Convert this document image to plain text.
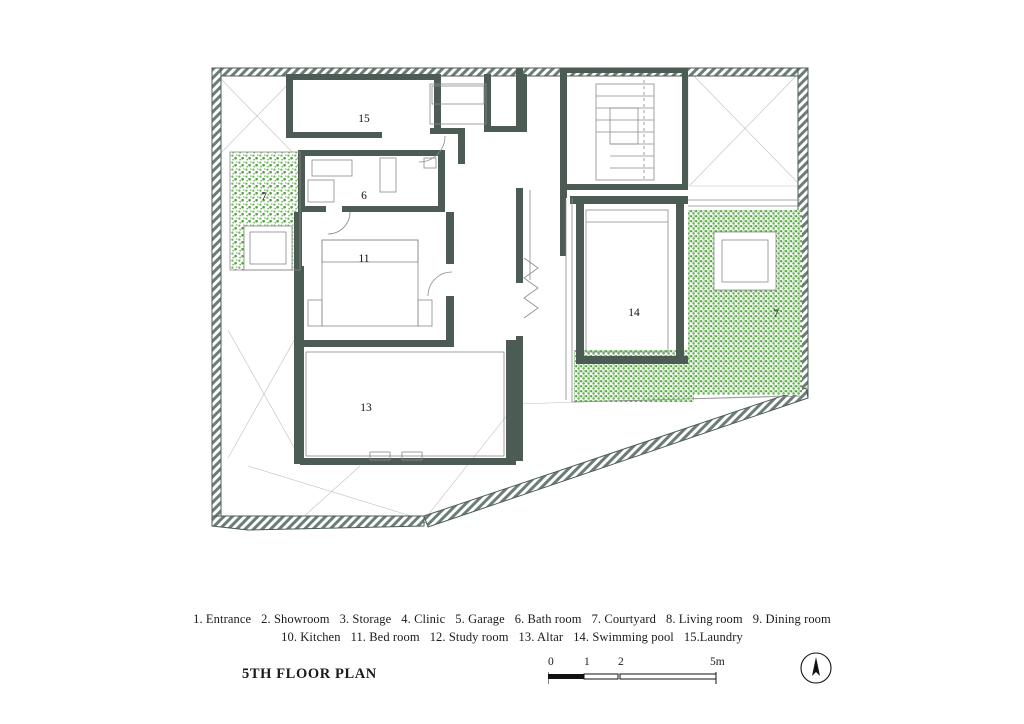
15
7	6
11
13
14	7
1. Entrance 2. Showroom 3. Storage 4. Clinic 5. Garage 6. Bath room 7. Courtyard 8. Living room 9. Dining room
10. Kitchen 11. Bed room 12. Study room 13. Altar 14. Swimming pool 15.Laundry
5TH FLOOR PLAN
0	1 2	5m
